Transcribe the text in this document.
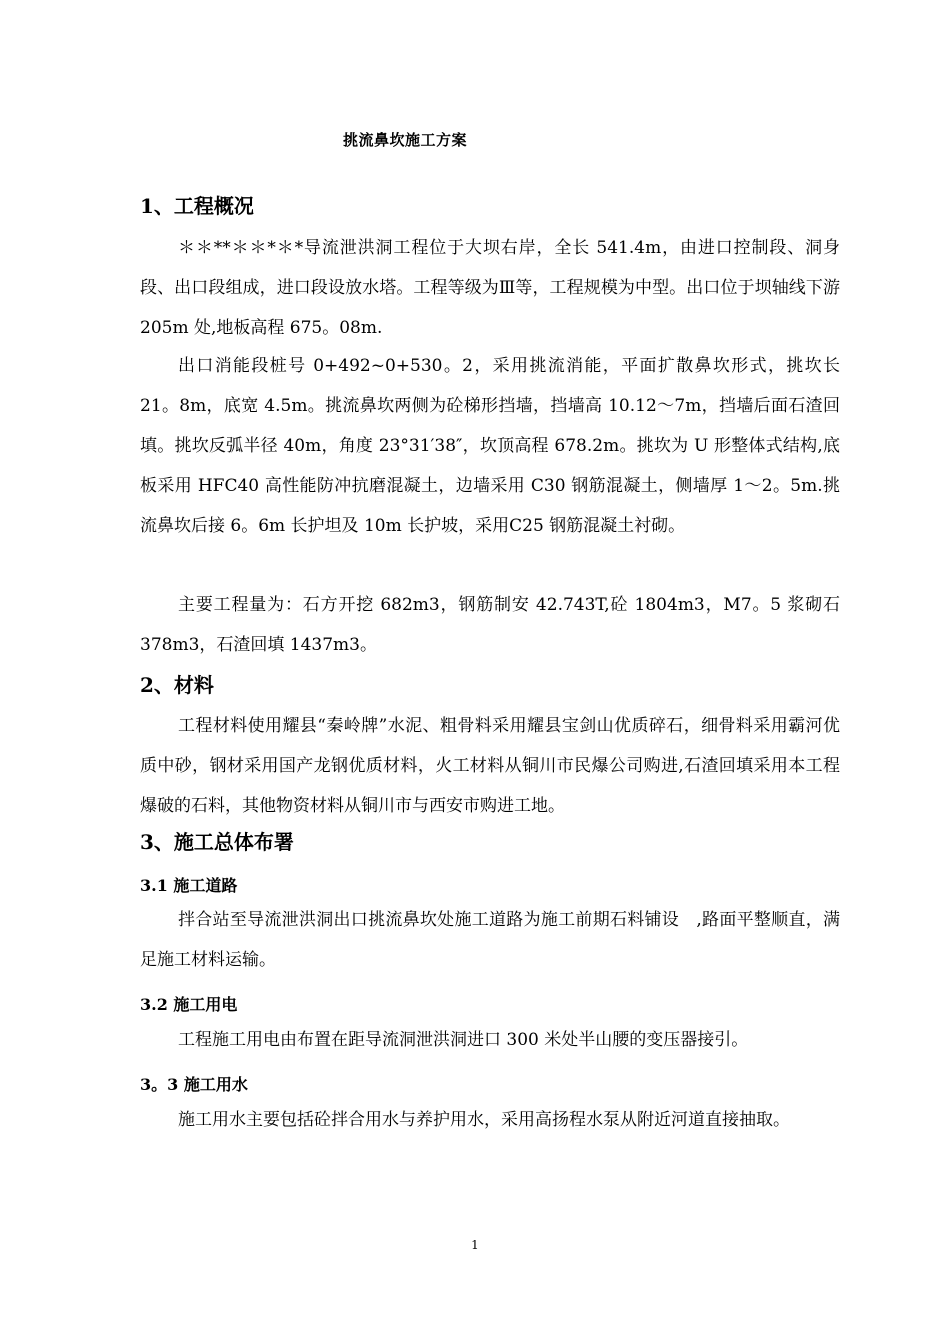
挑流鼻坎施工方案
1、工程概况

＊＊**＊＊*＊*导流泄洪洞工程位于大坝右岸，全长 541.4m，由进口控制段、洞身段、出口段组成，进口段设放水塔。工程等级为Ⅲ等，工程规模为中型。出口位于坝轴线下游 205m 处,地板高程 675。08m.

出口消能段桩号 0+492~0+530。2，采用挑流消能，平面扩散鼻坎形式，挑坎长 21。8m，底宽 4.5m。挑流鼻坎两侧为砼梯形挡墙，挡墙高 10.12～7m，挡墙后面石渣回填。挑坎反弧半径 40m，角度 23°31′38″，坎顶高程 678.2m。挑坎为 U 形整体式结构,底板采用 HFC40 高性能防冲抗磨混凝土，边墙采用 C30 钢筋混凝土，侧墙厚 1～2。5m.挑流鼻坎后接 6。6m 长护坦及 10m 长护坡，采用C25 钢筋混凝土衬砌。

主要工程量为：石方开挖 682m3，钢筋制安 42.743T,砼 1804m3，M7。5 浆砌石 378m3，石渣回填 1437m3。

2、材料

工程材料使用耀县“秦岭牌”水泥、粗骨料采用耀县宝剑山优质碎石，细骨料采用霸河优质中砂，钢材采用国产龙钢优质材料，火工材料从铜川市民爆公司购进,石渣回填采用本工程爆破的石料，其他物资材料从铜川市与西安市购进工地。

3、施工总体布署
3.1 施工道路

拌合站至导流泄洪洞出口挑流鼻坎处施工道路为施工前期石料铺设　,路面平整顺直，满足施工材料运输。

3.2 施工用电

工程施工用电由布置在距导流洞泄洪洞进口 300 米处半山腰的变压器接引。

3。3 施工用水

施工用水主要包括砼拌合用水与养护用水，采用高扬程水泵从附近河道直接抽取。

1
